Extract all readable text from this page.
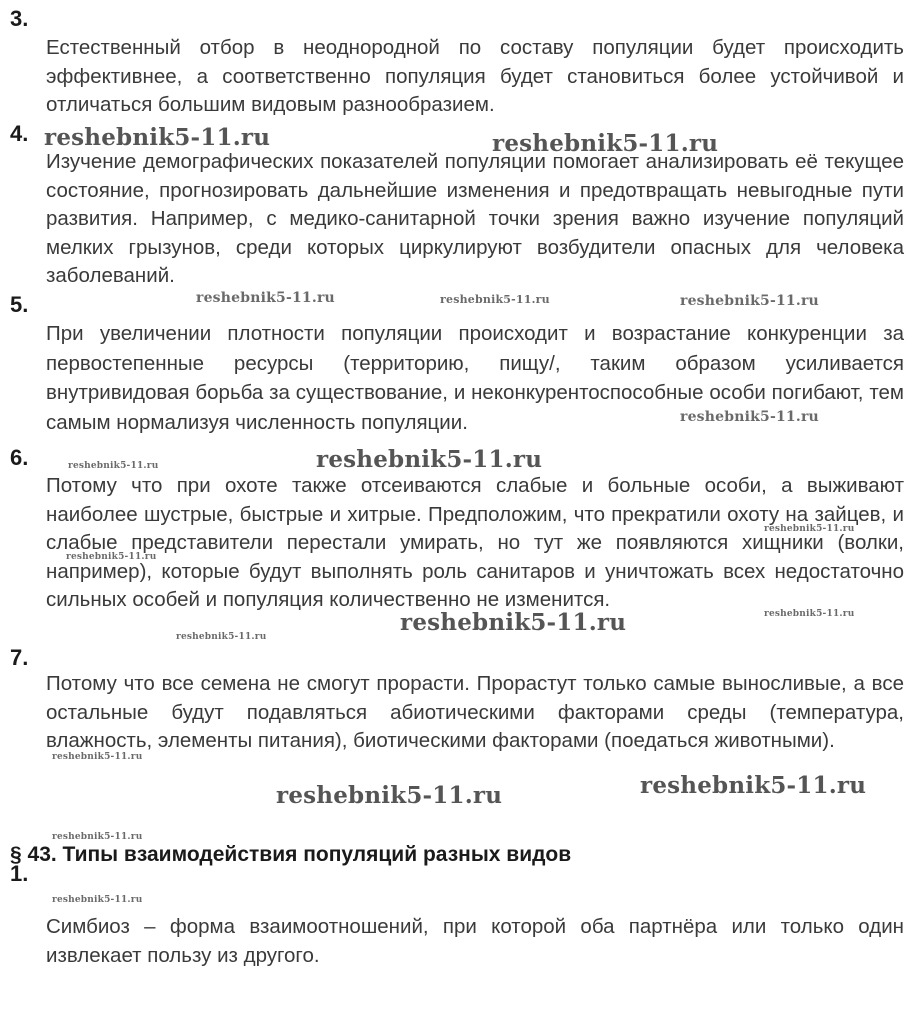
3.
Естественный отбор в неоднородной по составу популяции будет происходить эффективнее, а соответственно популяция будет становиться более устойчивой и отличаться большим видовым разнообразием.
4.
Изучение демографических показателей популяции помогает анализировать её текущее состояние, прогнозировать дальнейшие изменения и предотвращать невыгодные пути развития. Например, с медико-санитарной точки зрения важно изучение популяций мелких грызунов, среди которых циркулируют возбудители опасных для человека заболеваний.
5.
При увеличении плотности популяции происходит и возрастание конкуренции за первостепенные ресурсы (территорию, пищу/, таким образом усиливается внутривидовая борьба за существование, и неконкурентоспособные особи погибают, тем самым нормализуя численность популяции.
6.
Потому что при охоте также отсеиваются слабые и больные особи, а выживают наиболее шустрые, быстрые и хитрые. Предположим, что прекратили охоту на зайцев, и слабые представители перестали умирать, но тут же появляются хищники (волки, например), которые будут выполнять роль санитаров и уничтожать всех недостаточно сильных особей и популяция количественно не изменится.
7.
Потому что все семена не смогут прорасти. Прорастут только самые выносливые, а все остальные будут подавляться абиотическими факторами среды (температура, влажность, элементы питания), биотическими факторами (поедаться животными).
§ 43. Типы взаимодействия популяций разных видов
1.
Симбиоз – форма взаимоотношений, при которой оба партнёра или только один извлекает пользу из другого.
reshebnik5-11.ru	reshebnik5-11.ru
reshebnik5-11.ru	reshebnik5-11.ru	reshebnik5-11.ru
reshebnik5-11.ru
reshebnik5-11.ru	reshebnik5-11.ru
reshebnik5-11.ru
reshebnik5-11.ru
reshebnik5-11.ru
reshebnik5-11.ru
reshebnik5-11.ru
reshebnik5-11.ru
reshebnik5-11.ru
reshebnik5-11.ru
reshebnik5-11.ru
reshebnik5-11.ru
